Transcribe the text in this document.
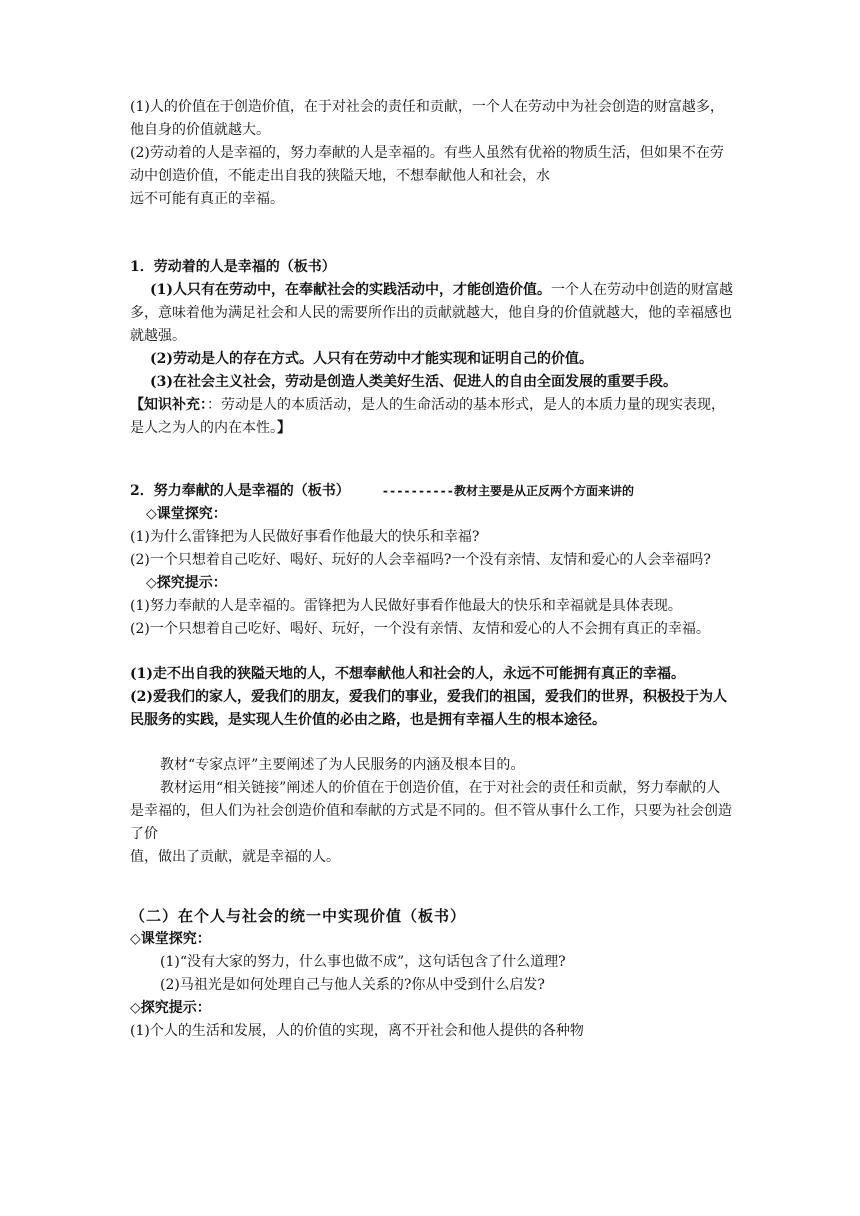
(1)人的价值在于创造价值，在于对社会的责任和贡献，一个人在劳动中为社会创造的财富越多，他自身的价值就越大。

(2)劳动着的人是幸福的，努力奉献的人是幸福的。有些人虽然有优裕的物质生活，但如果不在劳动中创造价值，不能走出自我的狭隘天地，不想奉献他人和社会，水

远不可能有真正的幸福。

1．劳动着的人是幸福的（板书）

(1)人只有在劳动中，在奉献社会的实践活动中，才能创造价值。一个人在劳动中创造的财富越多，意味着他为满足社会和人民的需要所作出的贡献就越大，他自身的价值就越大，他的幸福感也就越强。

(2)劳动是人的存在方式。人只有在劳动中才能实现和证明自己的价值。

(3)在社会主义社会，劳动是创造人类美好生活、促进人的自由全面发展的重要手段。

【知识补充：：劳动是人的本质活动，是人的生命活动的基本形式，是人的本质力量的现实表现，是人之为人的内在本性。】

2．努力奉献的人是幸福的（板书）	----------教材主要是从正反两个方面来讲的

◇课堂探究：

(1)为什么雷锋把为人民做好事看作他最大的快乐和幸福?

(2)一个只想着自己吃好、喝好、玩好的人会幸福吗?一个没有亲情、友情和爱心的人会幸福吗?

◇探究提示：

(1)努力奉献的人是幸福的。雷锋把为人民做好事看作他最大的快乐和幸福就是具体表现。

(2)一个只想着自己吃好、喝好、玩好，一个没有亲情、友情和爱心的人不会拥有真正的幸福。

(1)走不出自我的狭隘天地的人，不想奉献他人和社会的人，永远不可能拥有真正的幸福。

(2)爱我们的家人，爱我们的朋友，爱我们的事业，爱我们的祖国，爱我们的世界，积极投于为人民服务的实践，是实现人生价值的必由之路，也是拥有幸福人生的根本途径。

教材“专家点评”主要阐述了为人民服务的内涵及根本目的。

教材运用“相关链接”阐述人的价值在于创造价值，在于对社会的责任和贡献，努力奉献的人是幸福的，但人们为社会创造价值和奉献的方式是不同的。但不管从事什么工作，只要为社会创造了价

值，做出了贡献，就是幸福的人。

（二）在个人与社会的统一中实现价值（板书）

◇课堂探究：

(1)“没有大家的努力，什么事也做不成”，这句话包含了什么道理?

(2)马祖光是如何处理自己与他人关系的?你从中受到什么启发?

◇探究提示：

(1)个人的生活和发展，人的价值的实现，离不开社会和他人提供的各种物
